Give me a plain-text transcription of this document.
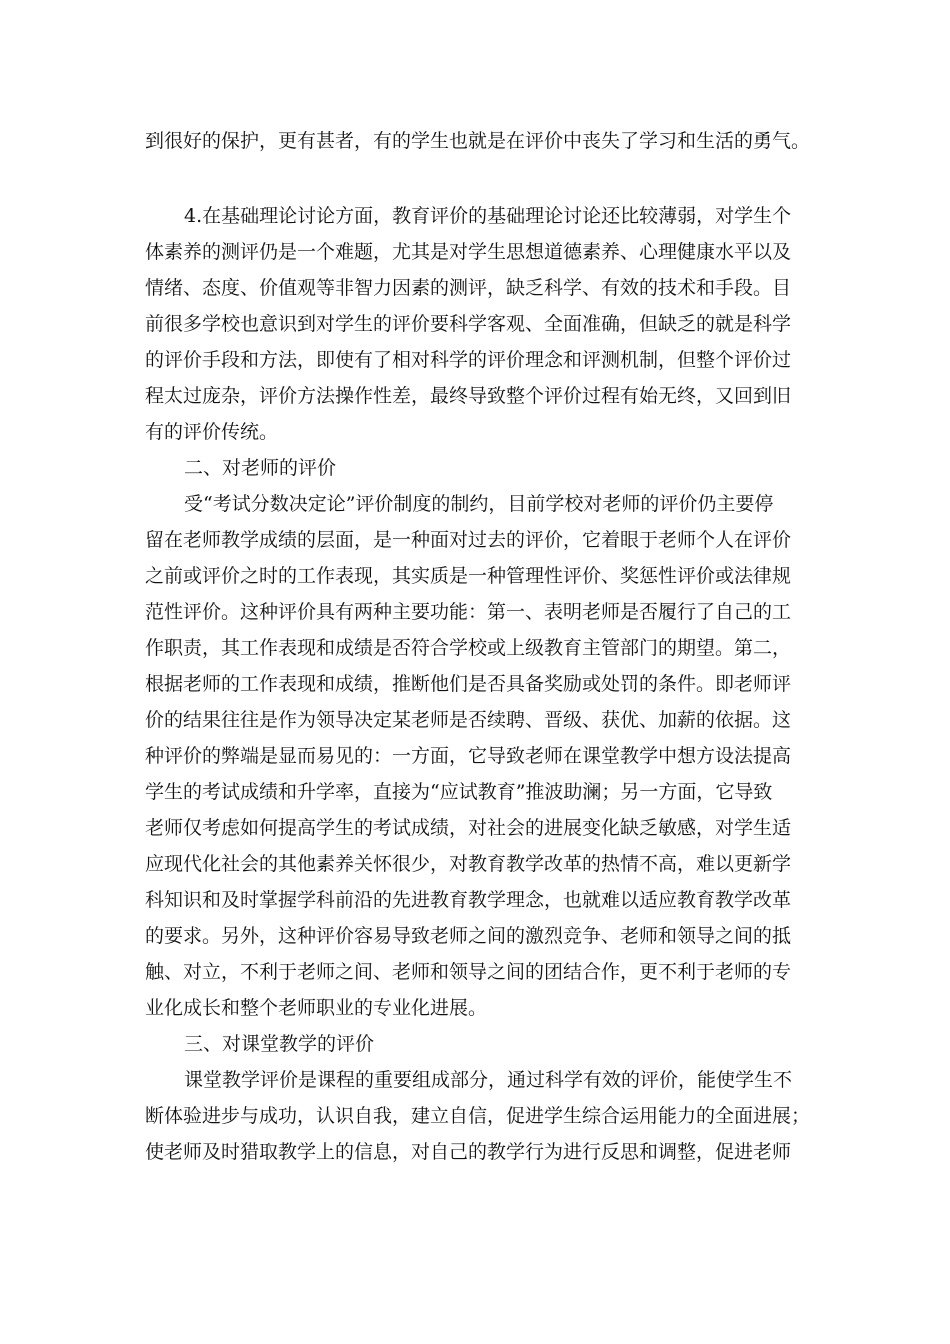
到很好的保护，更有甚者，有的学生也就是在评价中丧失了学习和生活的勇气。
4.在基础理论讨论方面，教育评价的基础理论讨论还比较薄弱，对学生个
体素养的测评仍是一个难题，尤其是对学生思想道德素养、心理健康水平以及
情绪、态度、价值观等非智力因素的测评，缺乏科学、有效的技术和手段。目
前很多学校也意识到对学生的评价要科学客观、全面准确，但缺乏的就是科学
的评价手段和方法，即使有了相对科学的评价理念和评测机制，但整个评价过
程太过庞杂，评价方法操作性差，最终导致整个评价过程有始无终，又回到旧
有的评价传统。
二、对老师的评价
受“考试分数决定论”评价制度的制约，目前学校对老师的评价仍主要停
留在老师教学成绩的层面，是一种面对过去的评价，它着眼于老师个人在评价
之前或评价之时的工作表现，其实质是一种管理性评价、奖惩性评价或法律规
范性评价。这种评价具有两种主要功能：第一、表明老师是否履行了自己的工
作职责，其工作表现和成绩是否符合学校或上级教育主管部门的期望。第二，
根据老师的工作表现和成绩，推断他们是否具备奖励或处罚的条件。即老师评
价的结果往往是作为领导决定某老师是否续聘、晋级、获优、加薪的依据。这
种评价的弊端是显而易见的：一方面，它导致老师在课堂教学中想方设法提高
学生的考试成绩和升学率，直接为“应试教育”推波助澜；另一方面，它导致
老师仅考虑如何提高学生的考试成绩，对社会的进展变化缺乏敏感，对学生适
应现代化社会的其他素养关怀很少，对教育教学改革的热情不高，难以更新学
科知识和及时掌握学科前沿的先进教育教学理念，也就难以适应教育教学改革
的要求。另外，这种评价容易导致老师之间的激烈竞争、老师和领导之间的抵
触、对立，不利于老师之间、老师和领导之间的团结合作，更不利于老师的专
业化成长和整个老师职业的专业化进展。
三、对课堂教学的评价
课堂教学评价是课程的重要组成部分，通过科学有效的评价，能使学生不
断体验进步与成功，认识自我，建立自信，促进学生综合运用能力的全面进展；
使老师及时猎取教学上的信息，对自己的教学行为进行反思和调整，促进老师
